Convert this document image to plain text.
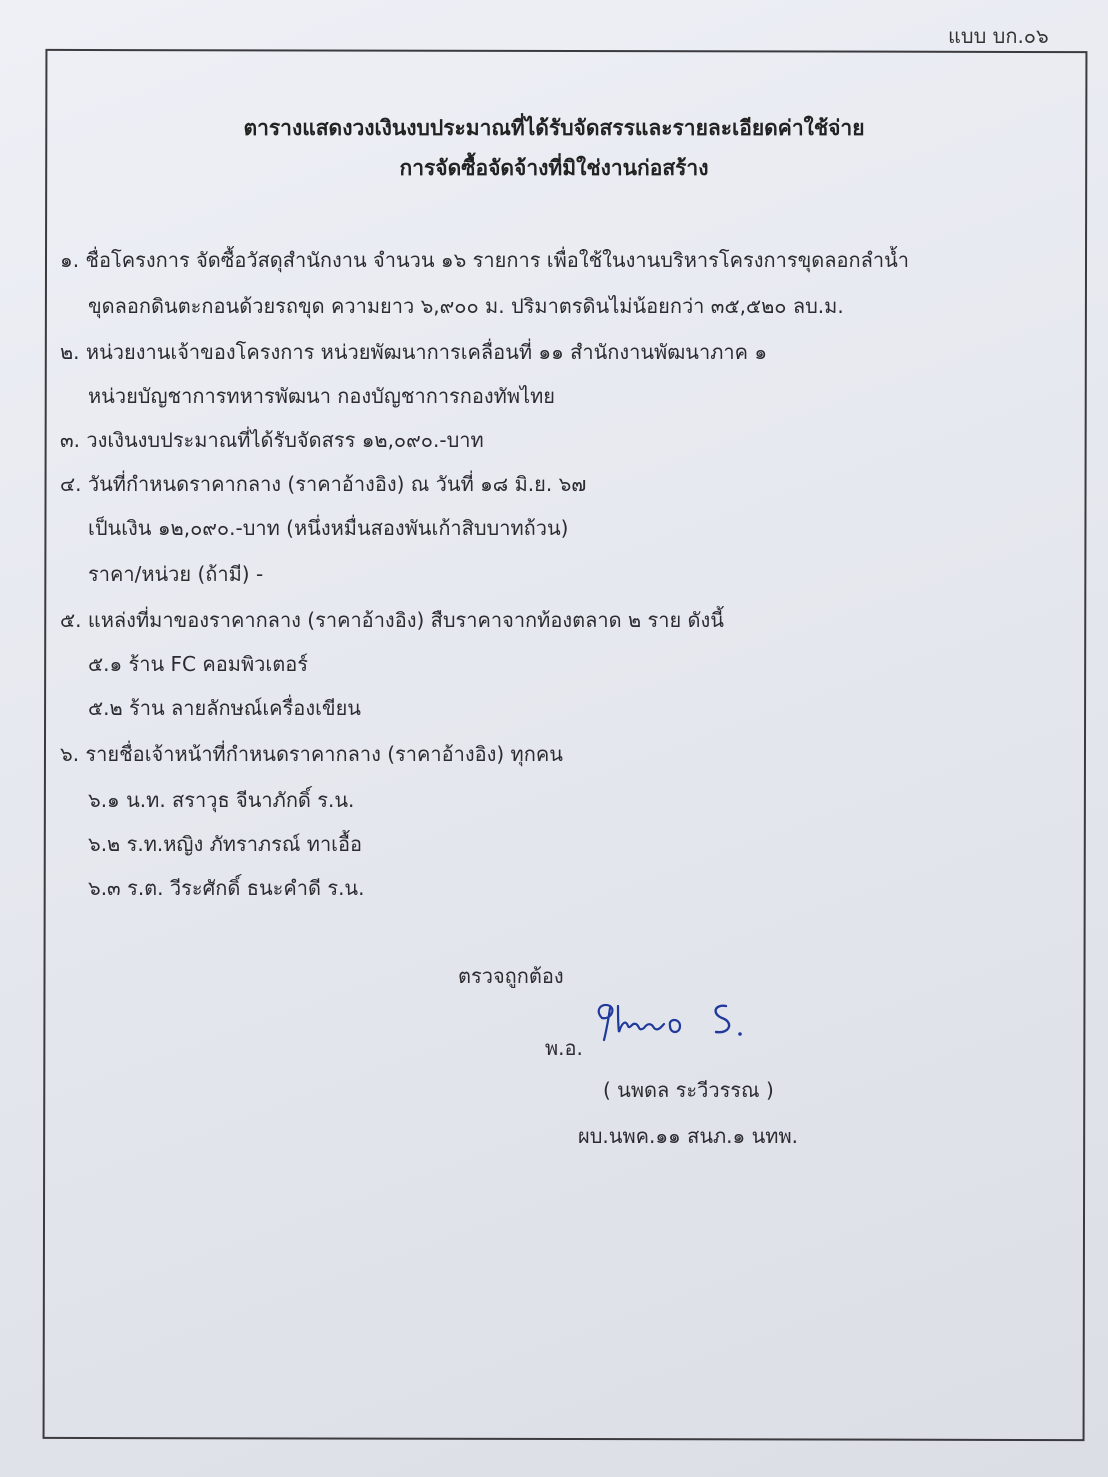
แบบ บก.๐๖
ตารางแสดงวงเงินงบประมาณที่ได้รับจัดสรรและรายละเอียดค่าใช้จ่าย
การจัดซื้อจัดจ้างที่มิใช่งานก่อสร้าง
๑. ชื่อโครงการ จัดซื้อวัสดุสำนักงาน จำนวน ๑๖ รายการ เพื่อใช้ในงานบริหารโครงการขุดลอกลำน้ำ
ขุดลอกดินตะกอนด้วยรถขุด ความยาว ๖,๙๐๐ ม. ปริมาตรดินไม่น้อยกว่า ๓๕,๕๒๐ ลบ.ม.
๒. หน่วยงานเจ้าของโครงการ หน่วยพัฒนาการเคลื่อนที่ ๑๑ สำนักงานพัฒนาภาค ๑
หน่วยบัญชาการทหารพัฒนา กองบัญชาการกองทัพไทย
๓. วงเงินงบประมาณที่ได้รับจัดสรร ๑๒,๐๙๐.-บาท
๔. วันที่กำหนดราคากลาง (ราคาอ้างอิง) ณ วันที่ ๑๘ มิ.ย. ๖๗
เป็นเงิน ๑๒,๐๙๐.-บาท (หนึ่งหมื่นสองพันเก้าสิบบาทถ้วน)
ราคา/หน่วย (ถ้ามี) -
๕. แหล่งที่มาของราคากลาง (ราคาอ้างอิง) สืบราคาจากท้องตลาด ๒ ราย ดังนี้
๕.๑ ร้าน FC คอมพิวเตอร์
๕.๒ ร้าน ลายลักษณ์เครื่องเขียน
๖. รายชื่อเจ้าหน้าที่กำหนดราคากลาง (ราคาอ้างอิง) ทุกคน
๖.๑ น.ท. สราวุธ จีนาภักดิ์ ร.น.
๖.๒ ร.ท.หญิง ภัทราภรณ์ ทาเอื้อ
๖.๓ ร.ต. วีระศักดิ์ ธนะคำดี ร.น.
ตรวจถูกต้อง
พ.อ.
( นพดล ระวีวรรณ )
ผบ.นพค.๑๑ สนภ.๑ นทพ.
